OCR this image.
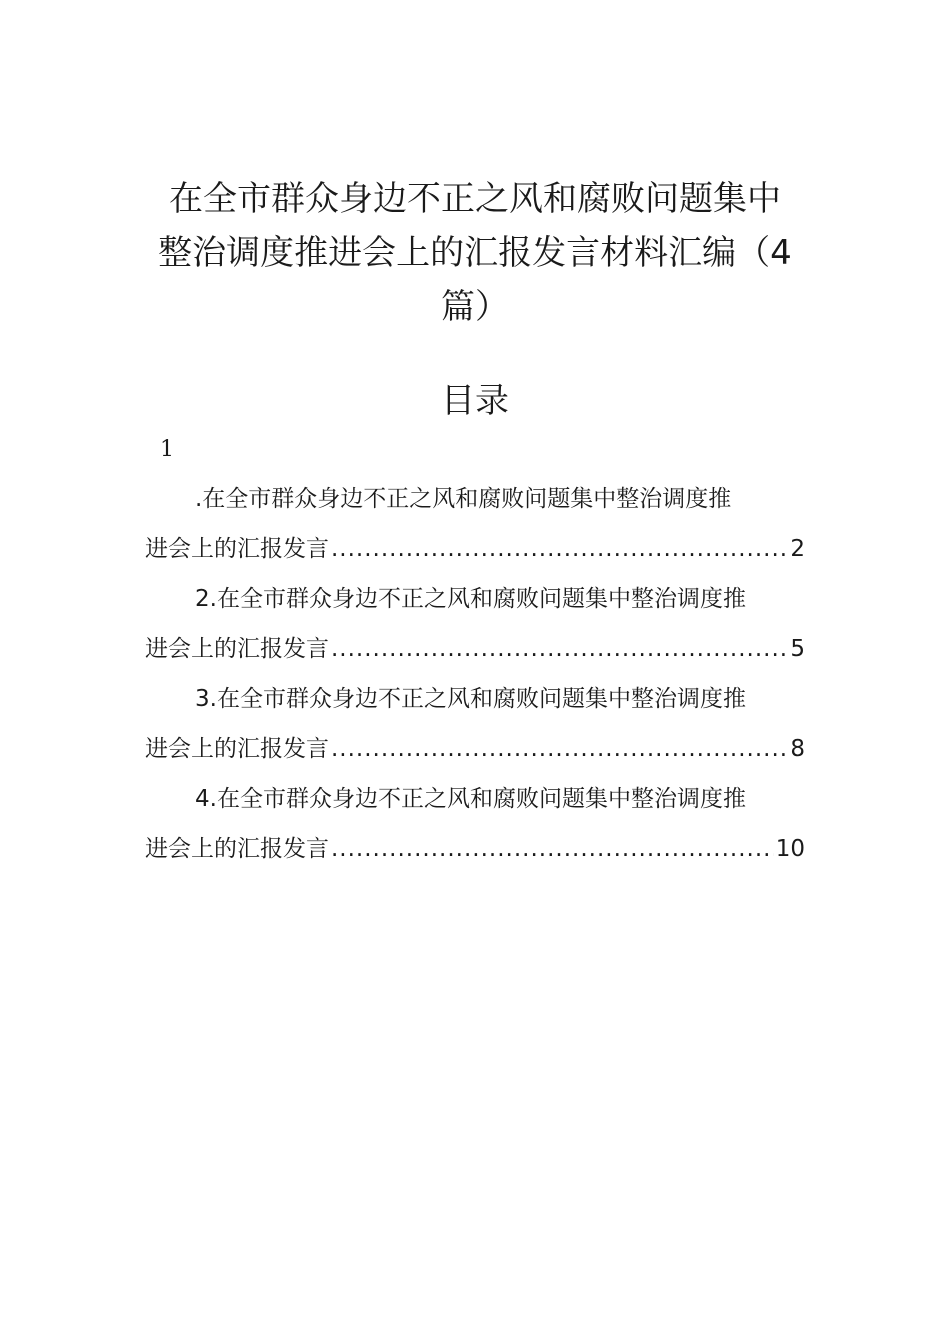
在全市群众身边不正之风和腐败问题集中
整治调度推进会上的汇报发言材料汇编（4
篇）
目录
1
.在全市群众身边不正之风和腐败问题集中整治调度推
进会上的汇报发言 .....	2
2.在全市群众身边不正之风和腐败问题集中整治调度推
进会上的汇报发言 .....	5
3.在全市群众身边不正之风和腐败问题集中整治调度推
进会上的汇报发言 .....	8
4.在全市群众身边不正之风和腐败问题集中整治调度推
进会上的汇报发言 .....	10
